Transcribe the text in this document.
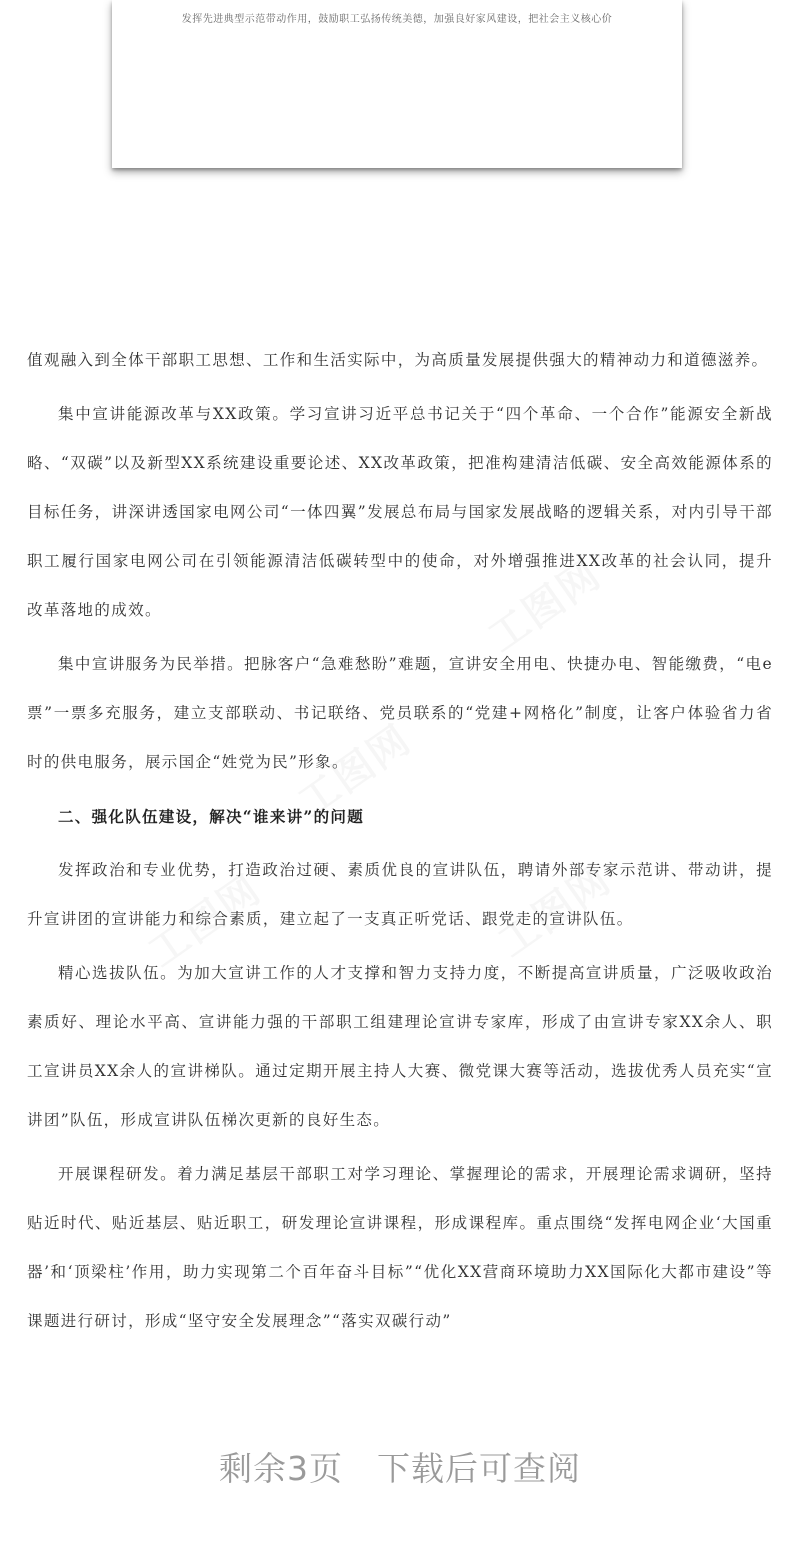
发挥先进典型示范带动作用，鼓励职工弘扬传统美德，加强良好家风建设，把社会主义核心价

值观融入到全体干部职工思想、工作和生活实际中，为高质量发展提供强大的精神动力和道德滋养。

集中宣讲能源改革与XX政策。学习宣讲习近平总书记关于“四个革命、一个合作”能源安全新战略、“双碳”以及新型XX系统建设重要论述、XX改革政策，把准构建清洁低碳、安全高效能源体系的目标任务，讲深讲透国家电网公司“一体四翼”发展总布局与国家发展战略的逻辑关系，对内引导干部职工履行国家电网公司在引领能源清洁低碳转型中的使命，对外增强推进XX改革的社会认同，提升改革落地的成效。

集中宣讲服务为民举措。把脉客户“急难愁盼”难题，宣讲安全用电、快捷办电、智能缴费，“电e票”一票多充服务，建立支部联动、书记联络、党员联系的“党建+网格化”制度，让客户体验省力省时的供电服务，展示国企“姓党为民”形象。

二、强化队伍建设，解决“谁来讲”的问题

发挥政治和专业优势，打造政治过硬、素质优良的宣讲队伍，聘请外部专家示范讲、带动讲，提升宣讲团的宣讲能力和综合素质，建立起了一支真正听党话、跟党走的宣讲队伍。

精心选拔队伍。为加大宣讲工作的人才支撑和智力支持力度，不断提高宣讲质量，广泛吸收政治素质好、理论水平高、宣讲能力强的干部职工组建理论宣讲专家库，形成了由宣讲专家XX余人、职工宣讲员XX余人的宣讲梯队。通过定期开展主持人大赛、微党课大赛等活动，选拔优秀人员充实“宣讲团”队伍，形成宣讲队伍梯次更新的良好生态。

开展课程研发。着力满足基层干部职工对学习理论、掌握理论的需求，开展理论需求调研，坚持贴近时代、贴近基层、贴近职工，研发理论宣讲课程，形成课程库。重点围绕“发挥电网企业‘大国重器’和‘顶梁柱’作用，助力实现第二个百年奋斗目标”“优化XX营商环境助力XX国际化大都市建设”等课题进行研讨，形成“坚守安全发展理念”“落实双碳行动”

剩余3页　下载后可查阅
